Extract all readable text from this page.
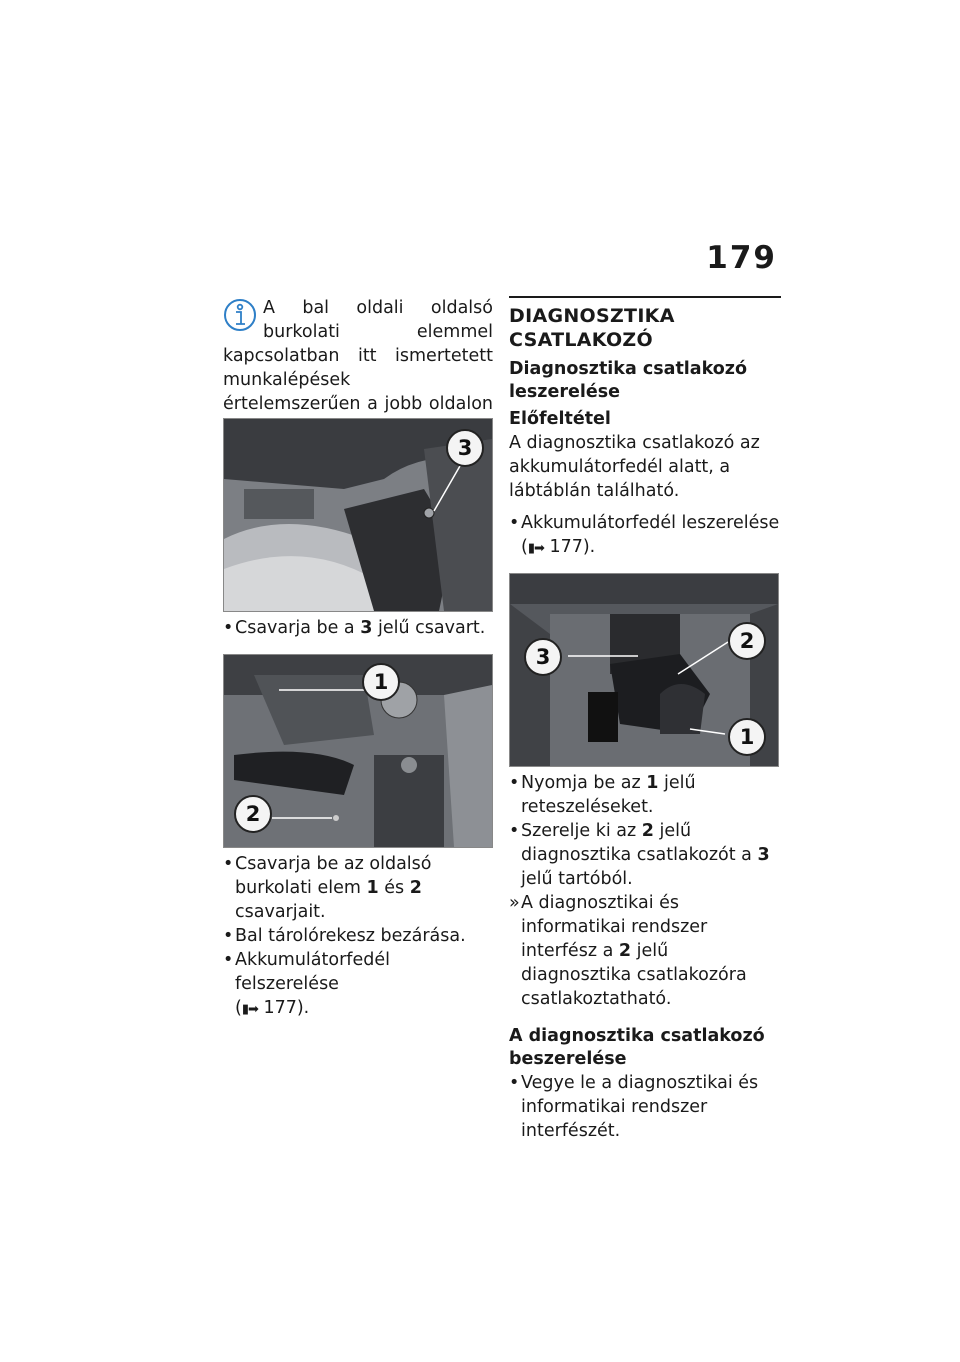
179

A bal oldali oldalsó burkolati elemmel kapcsolatban itt ismertetett munkalépések értelemszerűen a jobb oldalon

3
• Csavarja be a 3 jelű csavart.
1
2
• Csavarja be az oldalsó burkolati elem 1 és 2 csavarjait.
• Bal tárolórekesz bezárása.
• Akkumulátorfedél felszerelése
(▮➡ 177).

DIAGNOSZTIKA CSATLAKOZÓ

Diagnosztika csatlakozó leszerelése

Előfeltétel

A diagnosztika csatlakozó az akkumulátorfedél alatt, a lábtáblán található.

• Akkumulátorfedél leszerelése
(▮➡ 177).
3
2
1
• Nyomja be az 1 jelű reteszeléseket.
• Szerelje ki az 2 jelű diagnosztika csatlakozót a 3 jelű tartóból.
» A diagnosztikai és informatikai rendszer interfész a 2 jelű diagnosztika csatlakozóra csatlakoztatható.

A diagnosztika csatlakozó beszerelése

• Vegye le a diagnosztikai és informatikai rendszer interfészét.
